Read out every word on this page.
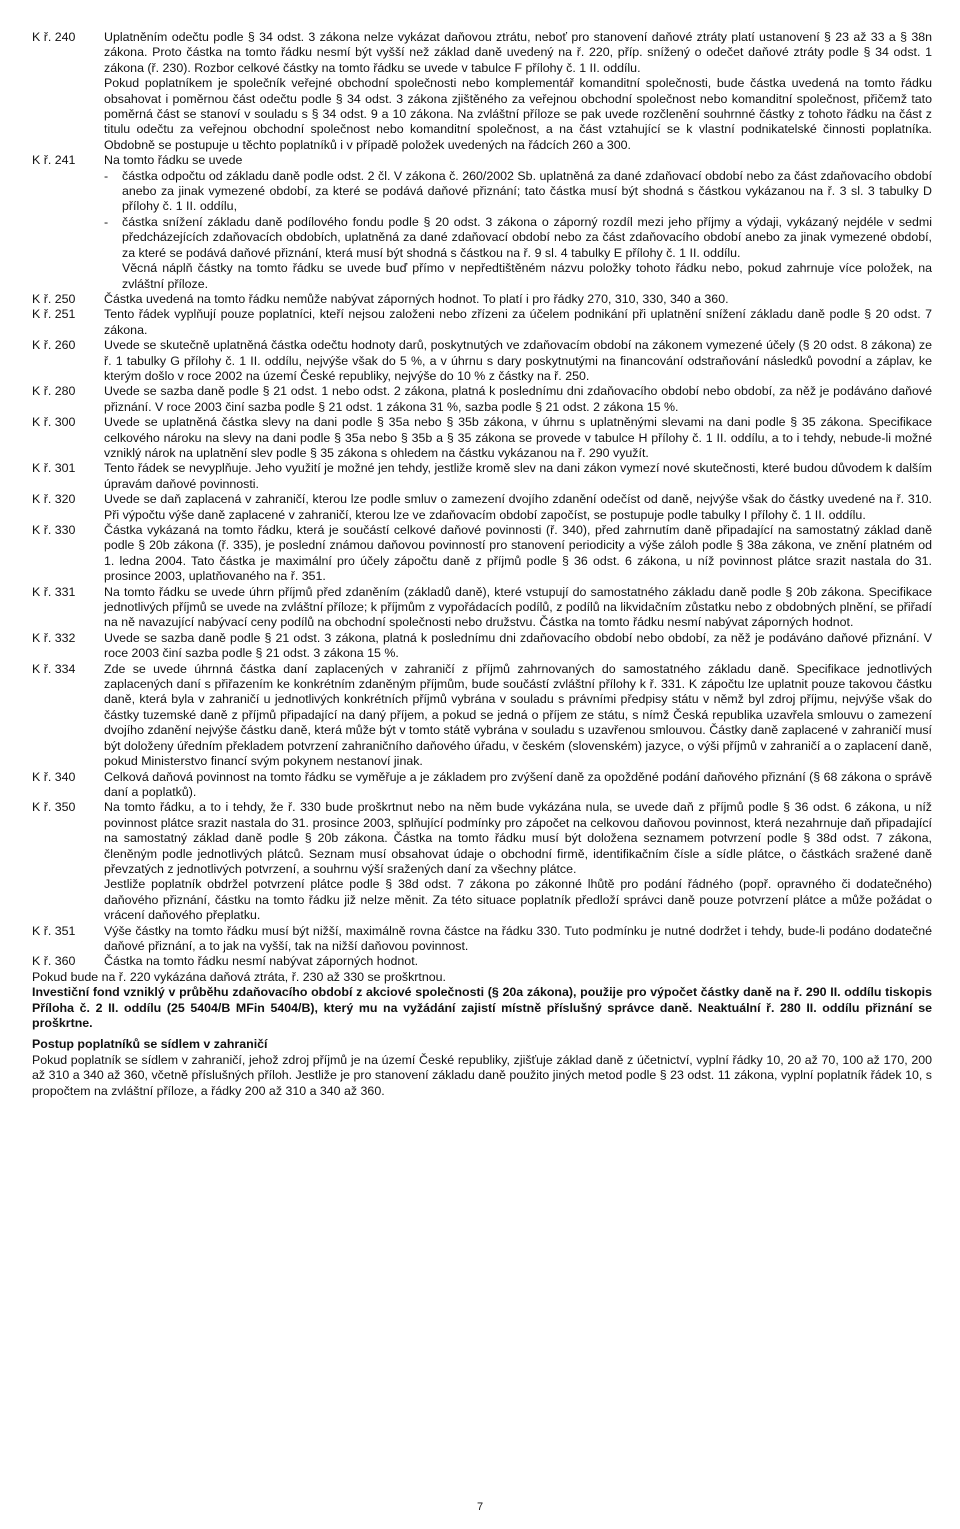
K ř. 240	Uplatněním odečtu podle § 34 odst. 3 zákona nelze vykázat daňovou ztrátu, neboť pro stanovení daňové ztráty platí ustanovení § 23 až 33 a § 38n zákona. Proto částka na tomto řádku nesmí být vyšší než základ daně uvedený na ř. 220, příp. snížený o odečet daňové ztráty podle § 34 odst. 1 zákona (ř. 230). Rozbor celkové částky na tomto řádku se uvede v tabulce F přílohy č. 1 II. oddílu.

Pokud poplatníkem je společník veřejné obchodní společnosti nebo komplementář komanditní společnosti, bude částka uvedená na tomto řádku obsahovat i poměrnou část odečtu podle § 34 odst. 3 zákona zjištěného za veřejnou obchodní společnost nebo komanditní společnost, přičemž tato poměrná část se stanoví v souladu s § 34 odst. 9 a 10 zákona. Na zvláštní příloze se pak uvede rozčlenění souhrnné částky z tohoto řádku na část z titulu odečtu za veřejnou obchodní společnost nebo komanditní společnost, a na část vztahující se k vlastní podnikatelské činnosti poplatníka. Obdobně se postupuje u těchto poplatníků i v případě položek uvedených na řádcích 260 a 300.

K ř. 241	Na tomto řádku se uvede

-	částka odpočtu od základu daně podle odst. 2 čl. V zákona č. 260/2002 Sb. uplatněná za dané zdaňovací období nebo za část zdaňovacího období anebo za jinak vymezené období, za které se podává daňové přiznání; tato částka musí být shodná s částkou vykázanou na ř. 3 sl. 3 tabulky D přílohy č. 1 II. oddílu,
-	částka snížení základu daně podílového fondu podle § 20 odst. 3 zákona o záporný rozdíl mezi jeho příjmy a výdaji, vykázaný nejdéle v sedmi předcházejících zdaňovacích obdobích, uplatněná za dané zdaňovací období nebo za část zdaňovacího období anebo za jinak vymezené období, za které se podává daňové přiznání, která musí být shodná s částkou na ř. 9 sl. 4 tabulky E přílohy č. 1 II. oddílu.

Věcná náplň částky na tomto řádku se uvede buď přímo v nepředtištěném názvu položky tohoto řádku nebo, pokud zahrnuje více položek, na zvláštní příloze.

K ř. 250	Částka uvedená na tomto řádku nemůže nabývat záporných hodnot. To platí i pro řádky 270, 310, 330, 340 a 360.

K ř. 251	Tento řádek vyplňují pouze poplatníci, kteří nejsou založeni nebo zřízeni za účelem podnikání při uplatnění snížení základu daně podle § 20 odst. 7 zákona.

K ř. 260	Uvede se skutečně uplatněná částka odečtu hodnoty darů, poskytnutých ve zdaňovacím období na zákonem vymezené účely (§ 20 odst. 8 zákona) ze ř. 1 tabulky G přílohy č. 1 II. oddílu, nejvýše však do 5 %, a v úhrnu s dary poskytnutými na financování odstraňování následků povodní a záplav, ke kterým došlo v roce 2002 na území České republiky, nejvýše do 10 % z částky na ř. 250.

K ř. 280	Uvede se sazba daně podle § 21 odst. 1 nebo odst. 2 zákona, platná k poslednímu dni zdaňovacího období nebo období, za něž je podáváno daňové přiznání. V roce 2003 činí sazba podle § 21 odst. 1 zákona 31 %, sazba podle § 21 odst. 2 zákona 15 %.

K ř. 300	Uvede se uplatněná částka slevy na dani podle § 35a nebo § 35b zákona, v úhrnu s uplatněnými slevami na dani podle § 35 zákona. Specifikace celkového nároku na slevy na dani podle § 35a nebo § 35b a § 35 zákona se provede v tabulce H přílohy č. 1 II. oddílu, a to i tehdy, nebude-li možné vzniklý nárok na uplatnění slev podle § 35 zákona s ohledem na částku vykázanou na ř. 290 využít.

K ř. 301	Tento řádek se nevyplňuje. Jeho využití je možné jen tehdy, jestliže kromě slev na dani zákon vymezí nové skutečnosti, které budou důvodem k dalším úpravám daňové povinnosti.

K ř. 320	Uvede se daň zaplacená v zahraničí, kterou lze podle smluv o zamezení dvojího zdanění odečíst od daně, nejvýše však do částky uvedené na ř. 310. Při výpočtu výše daně zaplacené v zahraničí, kterou lze ve zdaňovacím období započíst, se postupuje podle tabulky I přílohy č. 1 II. oddílu.

K ř. 330	Částka vykázaná na tomto řádku, která je součástí celkové daňové povinnosti (ř. 340), před zahrnutím daně připadající na samostatný základ daně podle § 20b zákona (ř. 335), je poslední známou daňovou povinností pro stanovení periodicity a výše záloh podle § 38a zákona, ve znění platném od 1. ledna 2004. Tato částka je maximální pro účely zápočtu daně z příjmů podle § 36 odst. 6 zákona, u níž povinnost plátce srazit nastala do 31. prosince 2003, uplatňovaného na ř. 351.

K ř. 331	Na tomto řádku se uvede úhrn příjmů před zdaněním (základů daně), které vstupují do samostatného základu daně podle § 20b zákona. Specifikace jednotlivých příjmů se uvede na zvláštní příloze; k příjmům z vypořádacích podílů, z podílů na likvidačním zůstatku nebo z obdobných plnění, se přiřadí na ně navazující nabývací ceny podílů na obchodní společnosti nebo družstvu. Částka na tomto řádku nesmí nabývat záporných hodnot.

K ř. 332	Uvede se sazba daně podle § 21 odst. 3 zákona, platná k poslednímu dni zdaňovacího období nebo období, za něž je podáváno daňové přiznání. V roce 2003 činí sazba podle § 21 odst. 3 zákona 15 %.

K ř. 334	Zde se uvede úhrnná částka daní zaplacených v zahraničí z příjmů zahrnovaných do samostatného základu daně. Specifikace jednotlivých zaplacených daní s přiřazením ke konkrétním zdaněným příjmům, bude součástí zvláštní přílohy k ř. 331. K zápočtu lze uplatnit pouze takovou částku daně, která byla v zahraničí u jednotlivých konkrétních příjmů vybrána v souladu s právními předpisy státu v němž byl zdroj příjmu, nejvýše však do částky tuzemské daně z příjmů připadající na daný příjem, a pokud se jedná o příjem ze státu, s nímž Česká republika uzavřela smlouvu o zamezení dvojího zdanění nejvýše částku daně, která může být v tomto státě vybrána v souladu s uzavřenou smlouvou. Částky daně zaplacené v zahraničí musí být doloženy úředním překladem potvrzení zahraničního daňového úřadu, v českém (slovenském) jazyce, o výši příjmů v zahraničí a o zaplacení daně, pokud Ministerstvo financí svým pokynem nestanoví jinak.

K ř. 340	Celková daňová povinnost na tomto řádku se vyměřuje a je základem pro zvýšení daně za opožděné podání daňového přiznání (§ 68 zákona o správě daní a poplatků).

K ř. 350	Na tomto řádku, a to i tehdy, že ř. 330 bude proškrtnut nebo na něm bude vykázána nula, se uvede daň z příjmů podle § 36 odst. 6 zákona, u níž povinnost plátce srazit nastala do 31. prosince 2003, splňující podmínky pro zápočet na celkovou daňovou povinnost, která nezahrnuje daň připadající na samostatný základ daně podle § 20b zákona. Částka na tomto řádku musí být doložena seznamem potvrzení podle § 38d odst. 7 zákona, členěným podle jednotlivých plátců. Seznam musí obsahovat údaje o obchodní firmě, identifikačním čísle a sídle plátce, o částkách sražené daně převzatých z jednotlivých potvrzení, a souhrnu výší sražených daní za všechny plátce.

Jestliže poplatník obdržel potvrzení plátce podle § 38d odst. 7 zákona po zákonné lhůtě pro podání řádného (popř. opravného či dodatečného) daňového přiznání, částku na tomto řádku již nelze měnit. Za této situace poplatník předloží správci daně pouze potvrzení plátce a může požádat o vrácení daňového přeplatku.

K ř. 351	Výše částky na tomto řádku musí být nižší, maximálně rovna částce na řádku 330. Tuto podmínku je nutné dodržet i tehdy, bude-li podáno dodatečné daňové přiznání, a to jak na vyšší, tak na nižší daňovou povinnost.

K ř. 360	Částka na tomto řádku nesmí nabývat záporných hodnot.

Pokud bude na ř. 220 vykázána daňová ztráta, ř. 230 až 330 se proškrtnou.

Investiční fond vzniklý v průběhu zdaňovacího období z akciové společnosti (§ 20a zákona), použije pro výpočet částky daně na ř. 290 II. oddílu tiskopis Příloha č. 2 II. oddílu (25 5404/B MFin 5404/B), který mu na vyžádání zajistí místně příslušný správce daně. Neaktuální ř. 280 II. oddílu přiznání se proškrtne.

Postup poplatníků se sídlem v zahraničí

Pokud poplatník se sídlem v zahraničí, jehož zdroj příjmů je na území České republiky, zjišťuje základ daně z účetnictví, vyplní řádky 10, 20 až 70, 100 až 170, 200 až 310 a 340 až 360, včetně příslušných příloh. Jestliže je pro stanovení základu daně použito jiných metod podle § 23 odst. 11 zákona, vyplní poplatník řádek 10, s propočtem na zvláštní příloze, a řádky 200 až 310 a 340 až 360.

7
